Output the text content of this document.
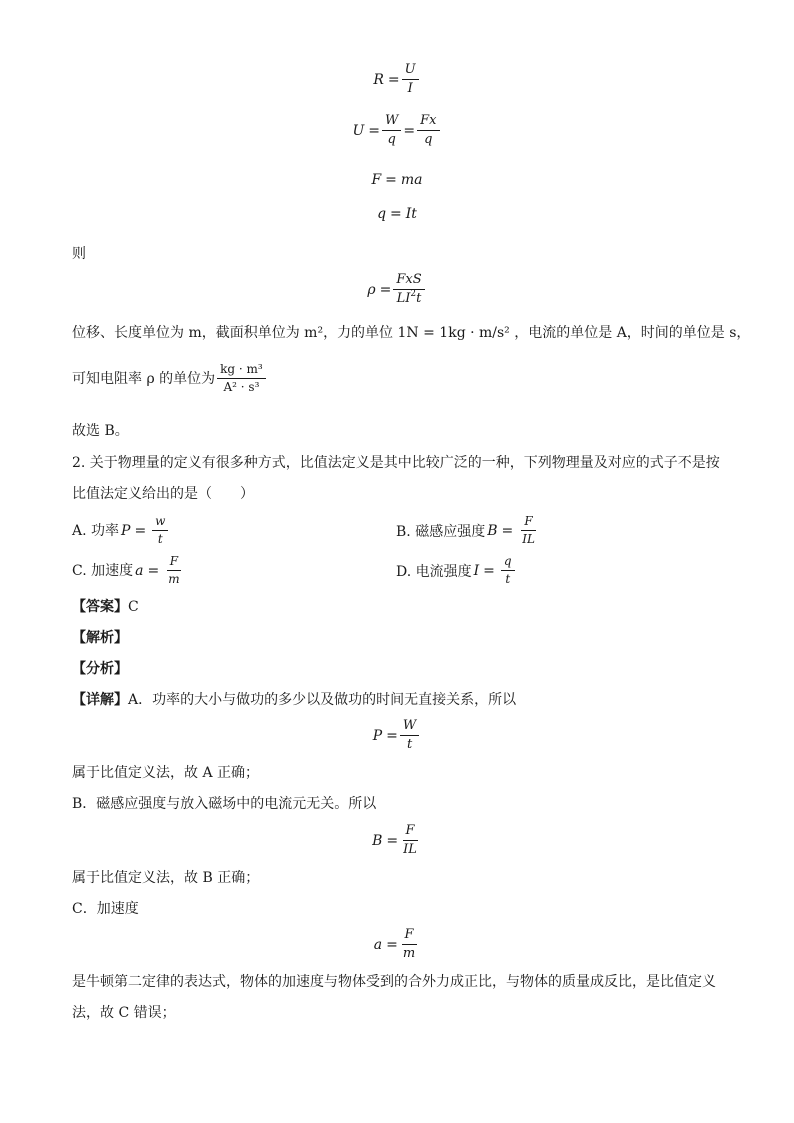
$R = \frac{U}{I}$
$U = \frac{W}{q} = \frac{Fx}{q}$
F = ma
q = It
则
$\rho = \frac{\text{FxS}}{LI^2t}$
位移、长度单位为 m，截面积单位为 m²，力的单位 1N = 1kg · m/s² ，电流的单位是 A，时间的单位是 s，
可知电阻率 ρ 的单位为 $\frac{\text{kg · m³}}{\text{A² · s³}}$
故选 B。
2. 关于物理量的定义有很多种方式，比值法定义是其中比较广泛的一种，下列物理量及对应的式子不是按
比值法定义给出的是（　　）
A. 功率 $P = \frac{w}{t}$	B. 磁感应强度 $B = \frac{F}{IL}$
C. 加速度 $a = \frac{F}{m}$	D. 电流强度 $I = \frac{q}{t}$
【答案】C
【解析】
【分析】
【详解】A．功率的大小与做功的多少以及做功的时间无直接关系，所以
$P = \frac{W}{t}$
属于比值定义法，故 A 正确；
B．磁感应强度与放入磁场中的电流元无关。所以
$B = \frac{F}{IL}$
属于比值定义法，故 B 正确；
C．加速度
$a = \frac{F}{m}$
是牛顿第二定律的表达式，物体的加速度与物体受到的合外力成正比，与物体的质量成反比，是比值定义
法，故 C 错误；
